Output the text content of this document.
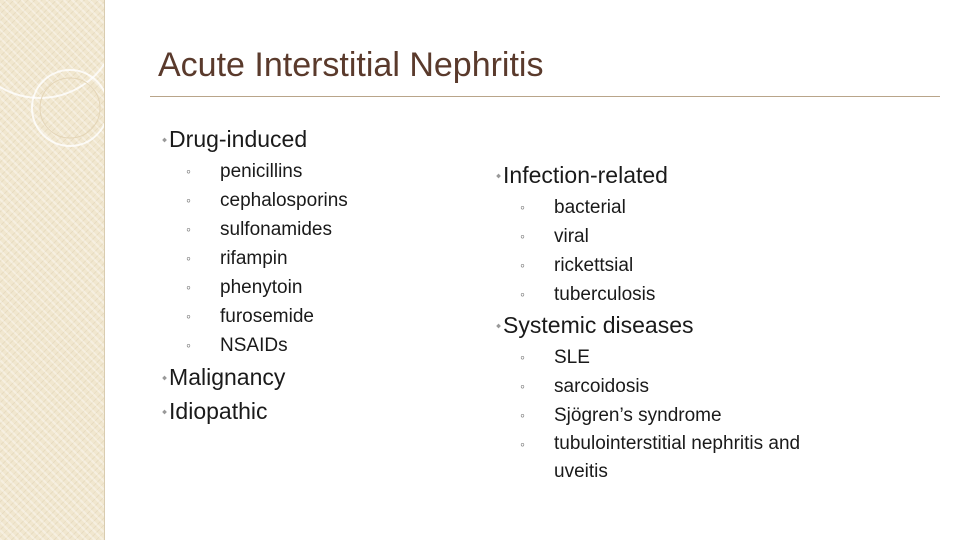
Acute Interstitial Nephritis
⬩Drug-induced
◦ penicillins
◦ cephalosporins
◦ sulfonamides
◦ rifampin
◦ phenytoin
◦ furosemide
◦ NSAIDs
⬩Malignancy
⬩Idiopathic
⬩Infection-related
◦ bacterial
◦ viral
◦ rickettsial
◦ tuberculosis
⬩Systemic diseases
◦ SLE
◦ sarcoidosis
◦ Sjögren’s syndrome
◦ tubulointerstitial nephritis and uveitis
